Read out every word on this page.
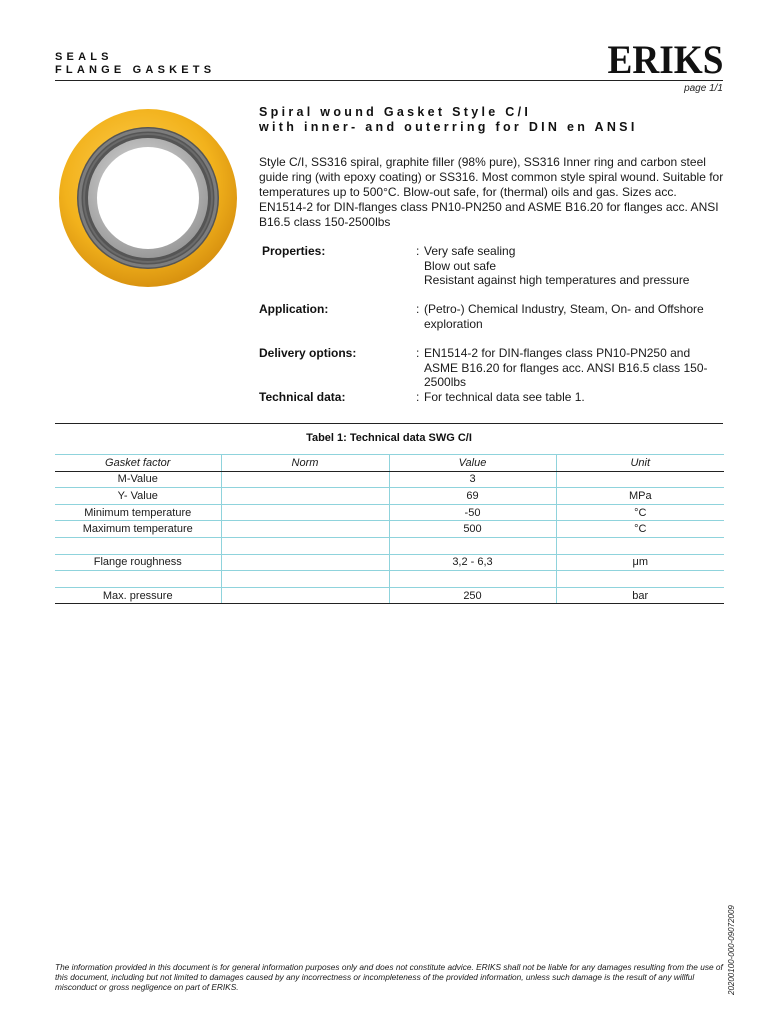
SEALS
FLANGE GASKETS	ERIKS
page 1/1
Spiral wound Gasket Style C/I
with inner- and outerring for DIN en ANSI
Style C/I, SS316 spiral, graphite filler (98% pure), SS316 Inner ring and carbon steel guide ring (with epoxy coating) or SS316. Most common style spiral wound. Suitable for temperatures up to 500°C. Blow-out safe, for (thermal) oils and gas. Sizes acc. EN1514-2 for DIN-flanges class PN10-PN250 and ASME B16.20 for flanges acc. ANSI B16.5 class 150-2500lbs
Properties:	: Very safe sealing
Blow out safe
Resistant against high temperatures and pressure
Application:	: (Petro-) Chemical Industry, Steam, On- and Offshore exploration
Delivery options:	: EN1514-2 for DIN-flanges class PN10-PN250 and ASME B16.20 for flanges acc. ANSI B16.5 class 150-2500lbs
Technical data:	: For technical data see table 1.
Tabel 1: Technical data SWG C/I
Gasket factor	Norm	Value	Unit
M-Value		3	
Y- Value		69	MPa
Minimum temperature		-50	°C
Maximum temperature		500	°C

Flange roughness		3,2 - 6,3	μm

Max. pressure		250	bar
The information provided in this document is for general information purposes only and does not constitute advice. ERIKS shall not be liable for any damages resulting from the use of this document, including but not limited to damages caused by any incorrectness or incompleteness of the provided information, unless such damage is the result of any willful misconduct or gross negligence on part of ERIKS.	20200100-000-09072009
